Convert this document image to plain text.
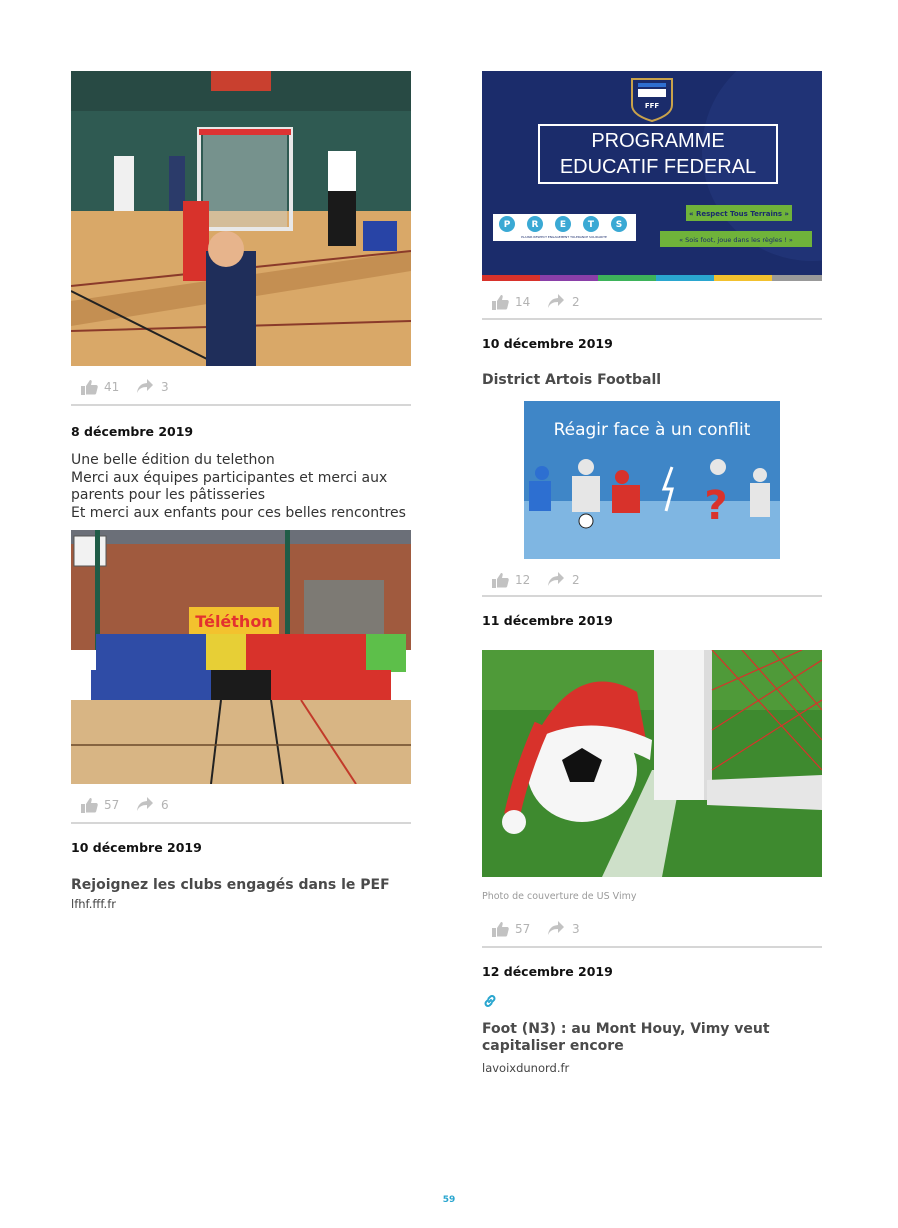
41	3
8 décembre 2019
Une belle édition du telethon
Merci aux équipes participantes et merci aux
parents pour les pâtisseries
Et merci aux enfants pour ces belles rencontres
Téléthon
57	6
10 décembre 2019
Rejoignez les clubs engagés dans le PEF
lfhf.fff.fr
FFF
PROGRAMME
EDUCATIF FEDERAL
P R E T S
PLAISIR RESPECT ENGAGEMENT TOLERANCE SOLIDARITE
« Respect Tous Terrains »
« Sois foot, joue dans les règles ! »
14	2
10 décembre 2019
District Artois Football
Réagir face à un conflit
?
12	2
11 décembre 2019
Photo de couverture de US Vimy
57	3
12 décembre 2019
Foot (N3) : au Mont Houy, Vimy veut
capitaliser encore
lavoixdunord.fr
59
